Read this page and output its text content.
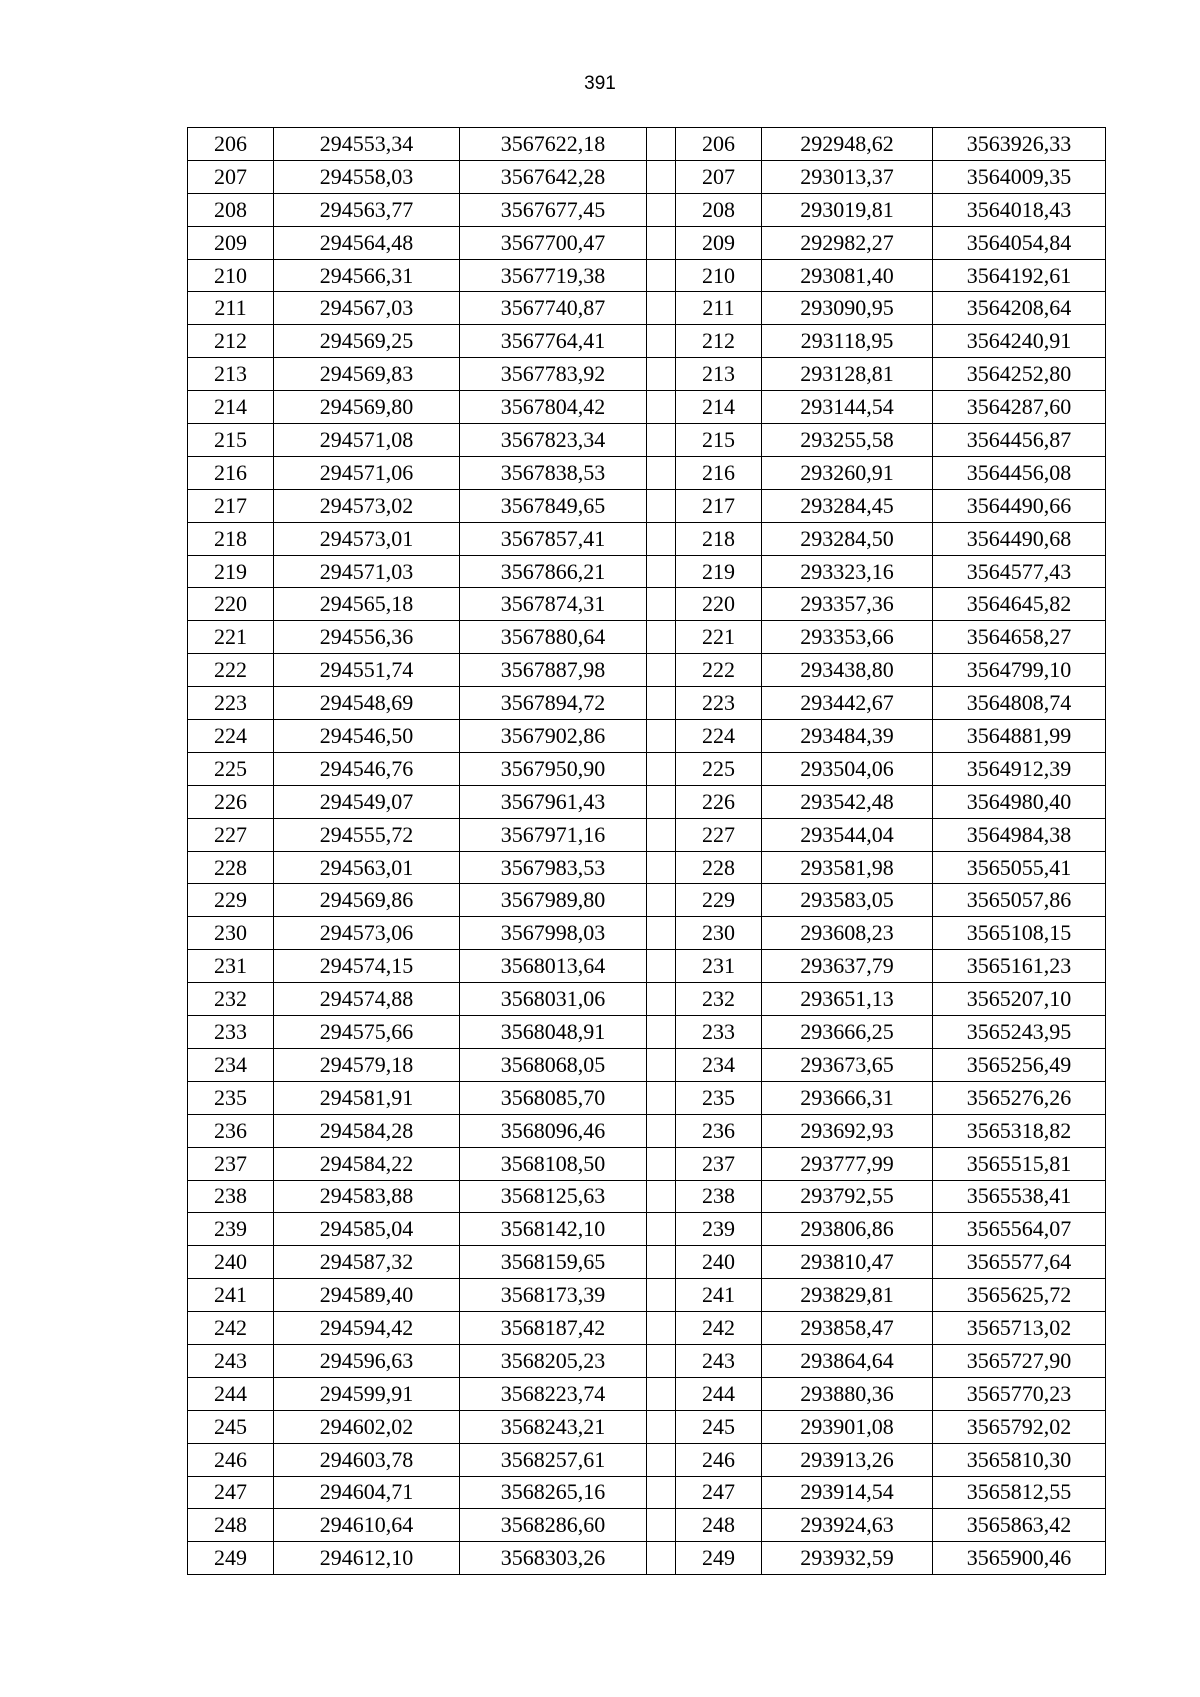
391
206	294553,34	3567622,18		206	292948,62	3563926,33
207	294558,03	3567642,28		207	293013,37	3564009,35
208	294563,77	3567677,45		208	293019,81	3564018,43
209	294564,48	3567700,47		209	292982,27	3564054,84
210	294566,31	3567719,38		210	293081,40	3564192,61
211	294567,03	3567740,87		211	293090,95	3564208,64
212	294569,25	3567764,41		212	293118,95	3564240,91
213	294569,83	3567783,92		213	293128,81	3564252,80
214	294569,80	3567804,42		214	293144,54	3564287,60
215	294571,08	3567823,34		215	293255,58	3564456,87
216	294571,06	3567838,53		216	293260,91	3564456,08
217	294573,02	3567849,65		217	293284,45	3564490,66
218	294573,01	3567857,41		218	293284,50	3564490,68
219	294571,03	3567866,21		219	293323,16	3564577,43
220	294565,18	3567874,31		220	293357,36	3564645,82
221	294556,36	3567880,64		221	293353,66	3564658,27
222	294551,74	3567887,98		222	293438,80	3564799,10
223	294548,69	3567894,72		223	293442,67	3564808,74
224	294546,50	3567902,86		224	293484,39	3564881,99
225	294546,76	3567950,90		225	293504,06	3564912,39
226	294549,07	3567961,43		226	293542,48	3564980,40
227	294555,72	3567971,16		227	293544,04	3564984,38
228	294563,01	3567983,53		228	293581,98	3565055,41
229	294569,86	3567989,80		229	293583,05	3565057,86
230	294573,06	3567998,03		230	293608,23	3565108,15
231	294574,15	3568013,64		231	293637,79	3565161,23
232	294574,88	3568031,06		232	293651,13	3565207,10
233	294575,66	3568048,91		233	293666,25	3565243,95
234	294579,18	3568068,05		234	293673,65	3565256,49
235	294581,91	3568085,70		235	293666,31	3565276,26
236	294584,28	3568096,46		236	293692,93	3565318,82
237	294584,22	3568108,50		237	293777,99	3565515,81
238	294583,88	3568125,63		238	293792,55	3565538,41
239	294585,04	3568142,10		239	293806,86	3565564,07
240	294587,32	3568159,65		240	293810,47	3565577,64
241	294589,40	3568173,39		241	293829,81	3565625,72
242	294594,42	3568187,42		242	293858,47	3565713,02
243	294596,63	3568205,23		243	293864,64	3565727,90
244	294599,91	3568223,74		244	293880,36	3565770,23
245	294602,02	3568243,21		245	293901,08	3565792,02
246	294603,78	3568257,61		246	293913,26	3565810,30
247	294604,71	3568265,16		247	293914,54	3565812,55
248	294610,64	3568286,60		248	293924,63	3565863,42
249	294612,10	3568303,26		249	293932,59	3565900,46
